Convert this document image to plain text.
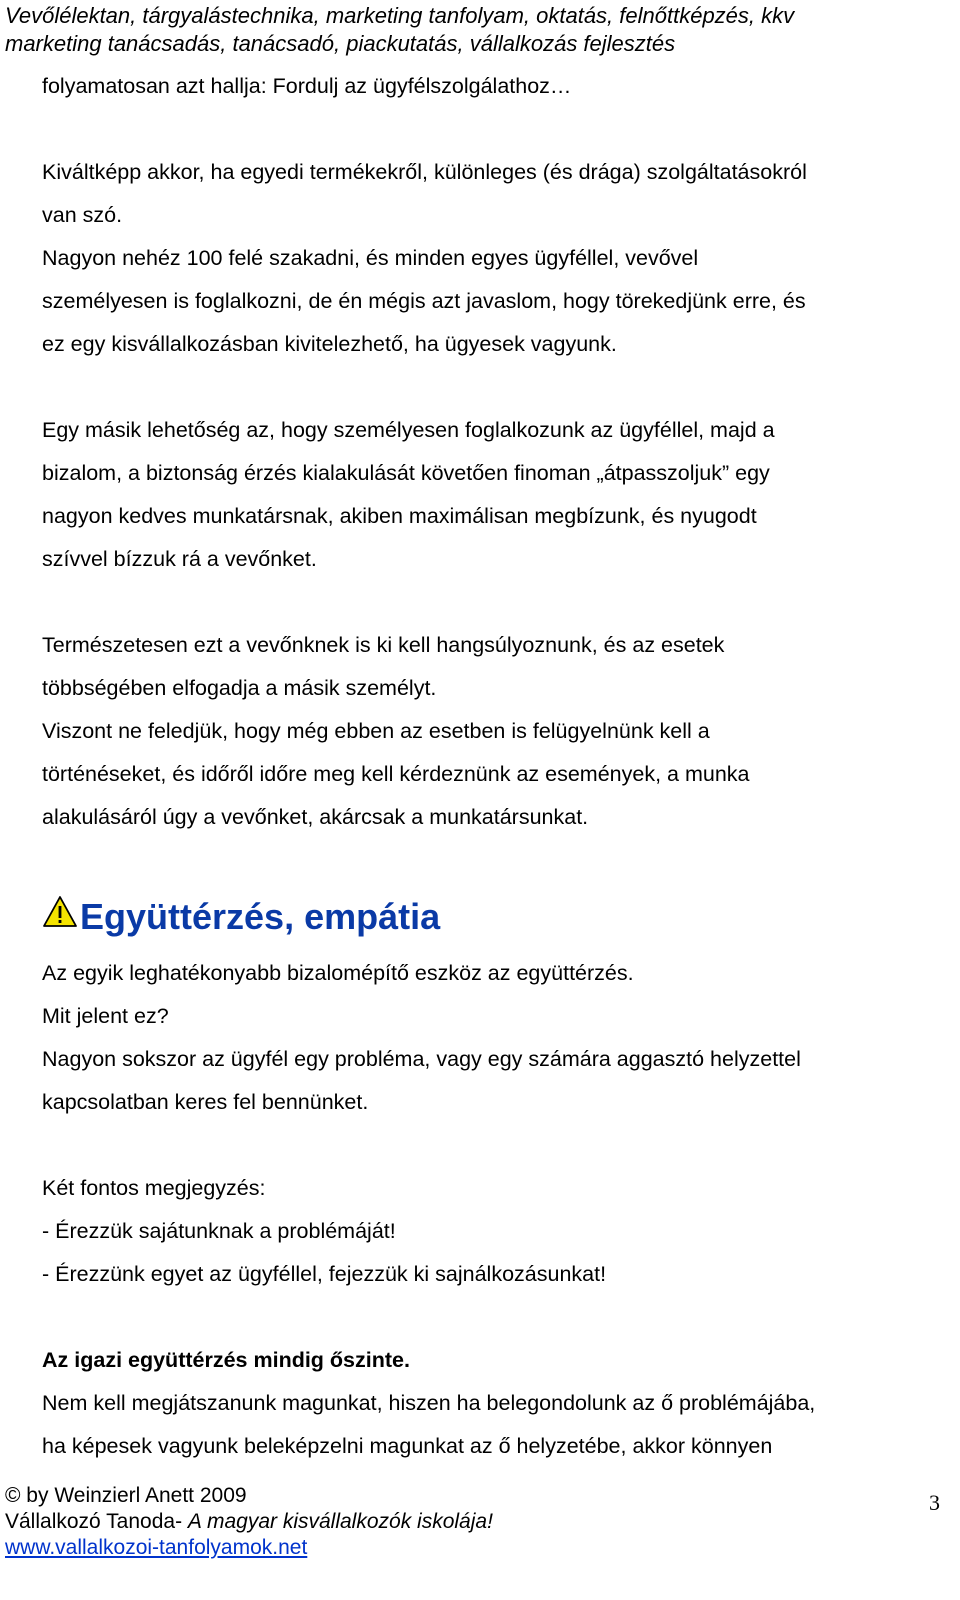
Vevőlélektan, tárgyalástechnika, marketing tanfolyam, oktatás, felnőttképzés, kkv
marketing tanácsadás, tanácsadó, piackutatás, vállalkozás fejlesztés

folyamatosan azt hallja: Fordulj az ügyfélszolgálathoz…

Kiváltképp akkor, ha egyedi termékekről, különleges (és drága) szolgáltatásokról

van szó.

Nagyon nehéz 100 felé szakadni, és minden egyes ügyféllel, vevővel

személyesen is foglalkozni, de én mégis azt javaslom, hogy törekedjünk erre, és

ez egy kisvállalkozásban kivitelezhető, ha ügyesek vagyunk.

Egy másik lehetőség az, hogy személyesen foglalkozunk az ügyféllel, majd a

bizalom, a biztonság érzés kialakulását követően finoman „átpasszoljuk” egy

nagyon kedves munkatársnak, akiben maximálisan megbízunk, és nyugodt

szívvel bízzuk rá a vevőnket.

Természetesen ezt a vevőnknek is ki kell hangsúlyoznunk, és az esetek

többségében elfogadja a másik személyt.

Viszont ne feledjük, hogy még ebben az esetben is felügyelnünk kell a

történéseket, és időről időre meg kell kérdeznünk az események, a munka

alakulásáról úgy a vevőnket, akárcsak a munkatársunkat.

Együttérzés, empátia

Az egyik leghatékonyabb bizalomépítő eszköz az együttérzés.

Mit jelent ez?

Nagyon sokszor az ügyfél egy probléma, vagy egy számára aggasztó helyzettel

kapcsolatban keres fel bennünket.

Két fontos megjegyzés:

- Érezzük sajátunknak a problémáját!

- Érezzünk egyet az ügyféllel, fejezzük ki sajnálkozásunkat!

Az igazi együttérzés mindig őszinte.

Nem kell megjátszanunk magunkat, hiszen ha belegondolunk az ő problémájába,

ha képesek vagyunk beleképzelni magunkat az ő helyzetébe, akkor könnyen

© by Weinzierl Anett 2009
Vállalkozó Tanoda- A magyar kisvállalkozók iskolája!
www.vallalkozoi-tanfolyamok.net
3
